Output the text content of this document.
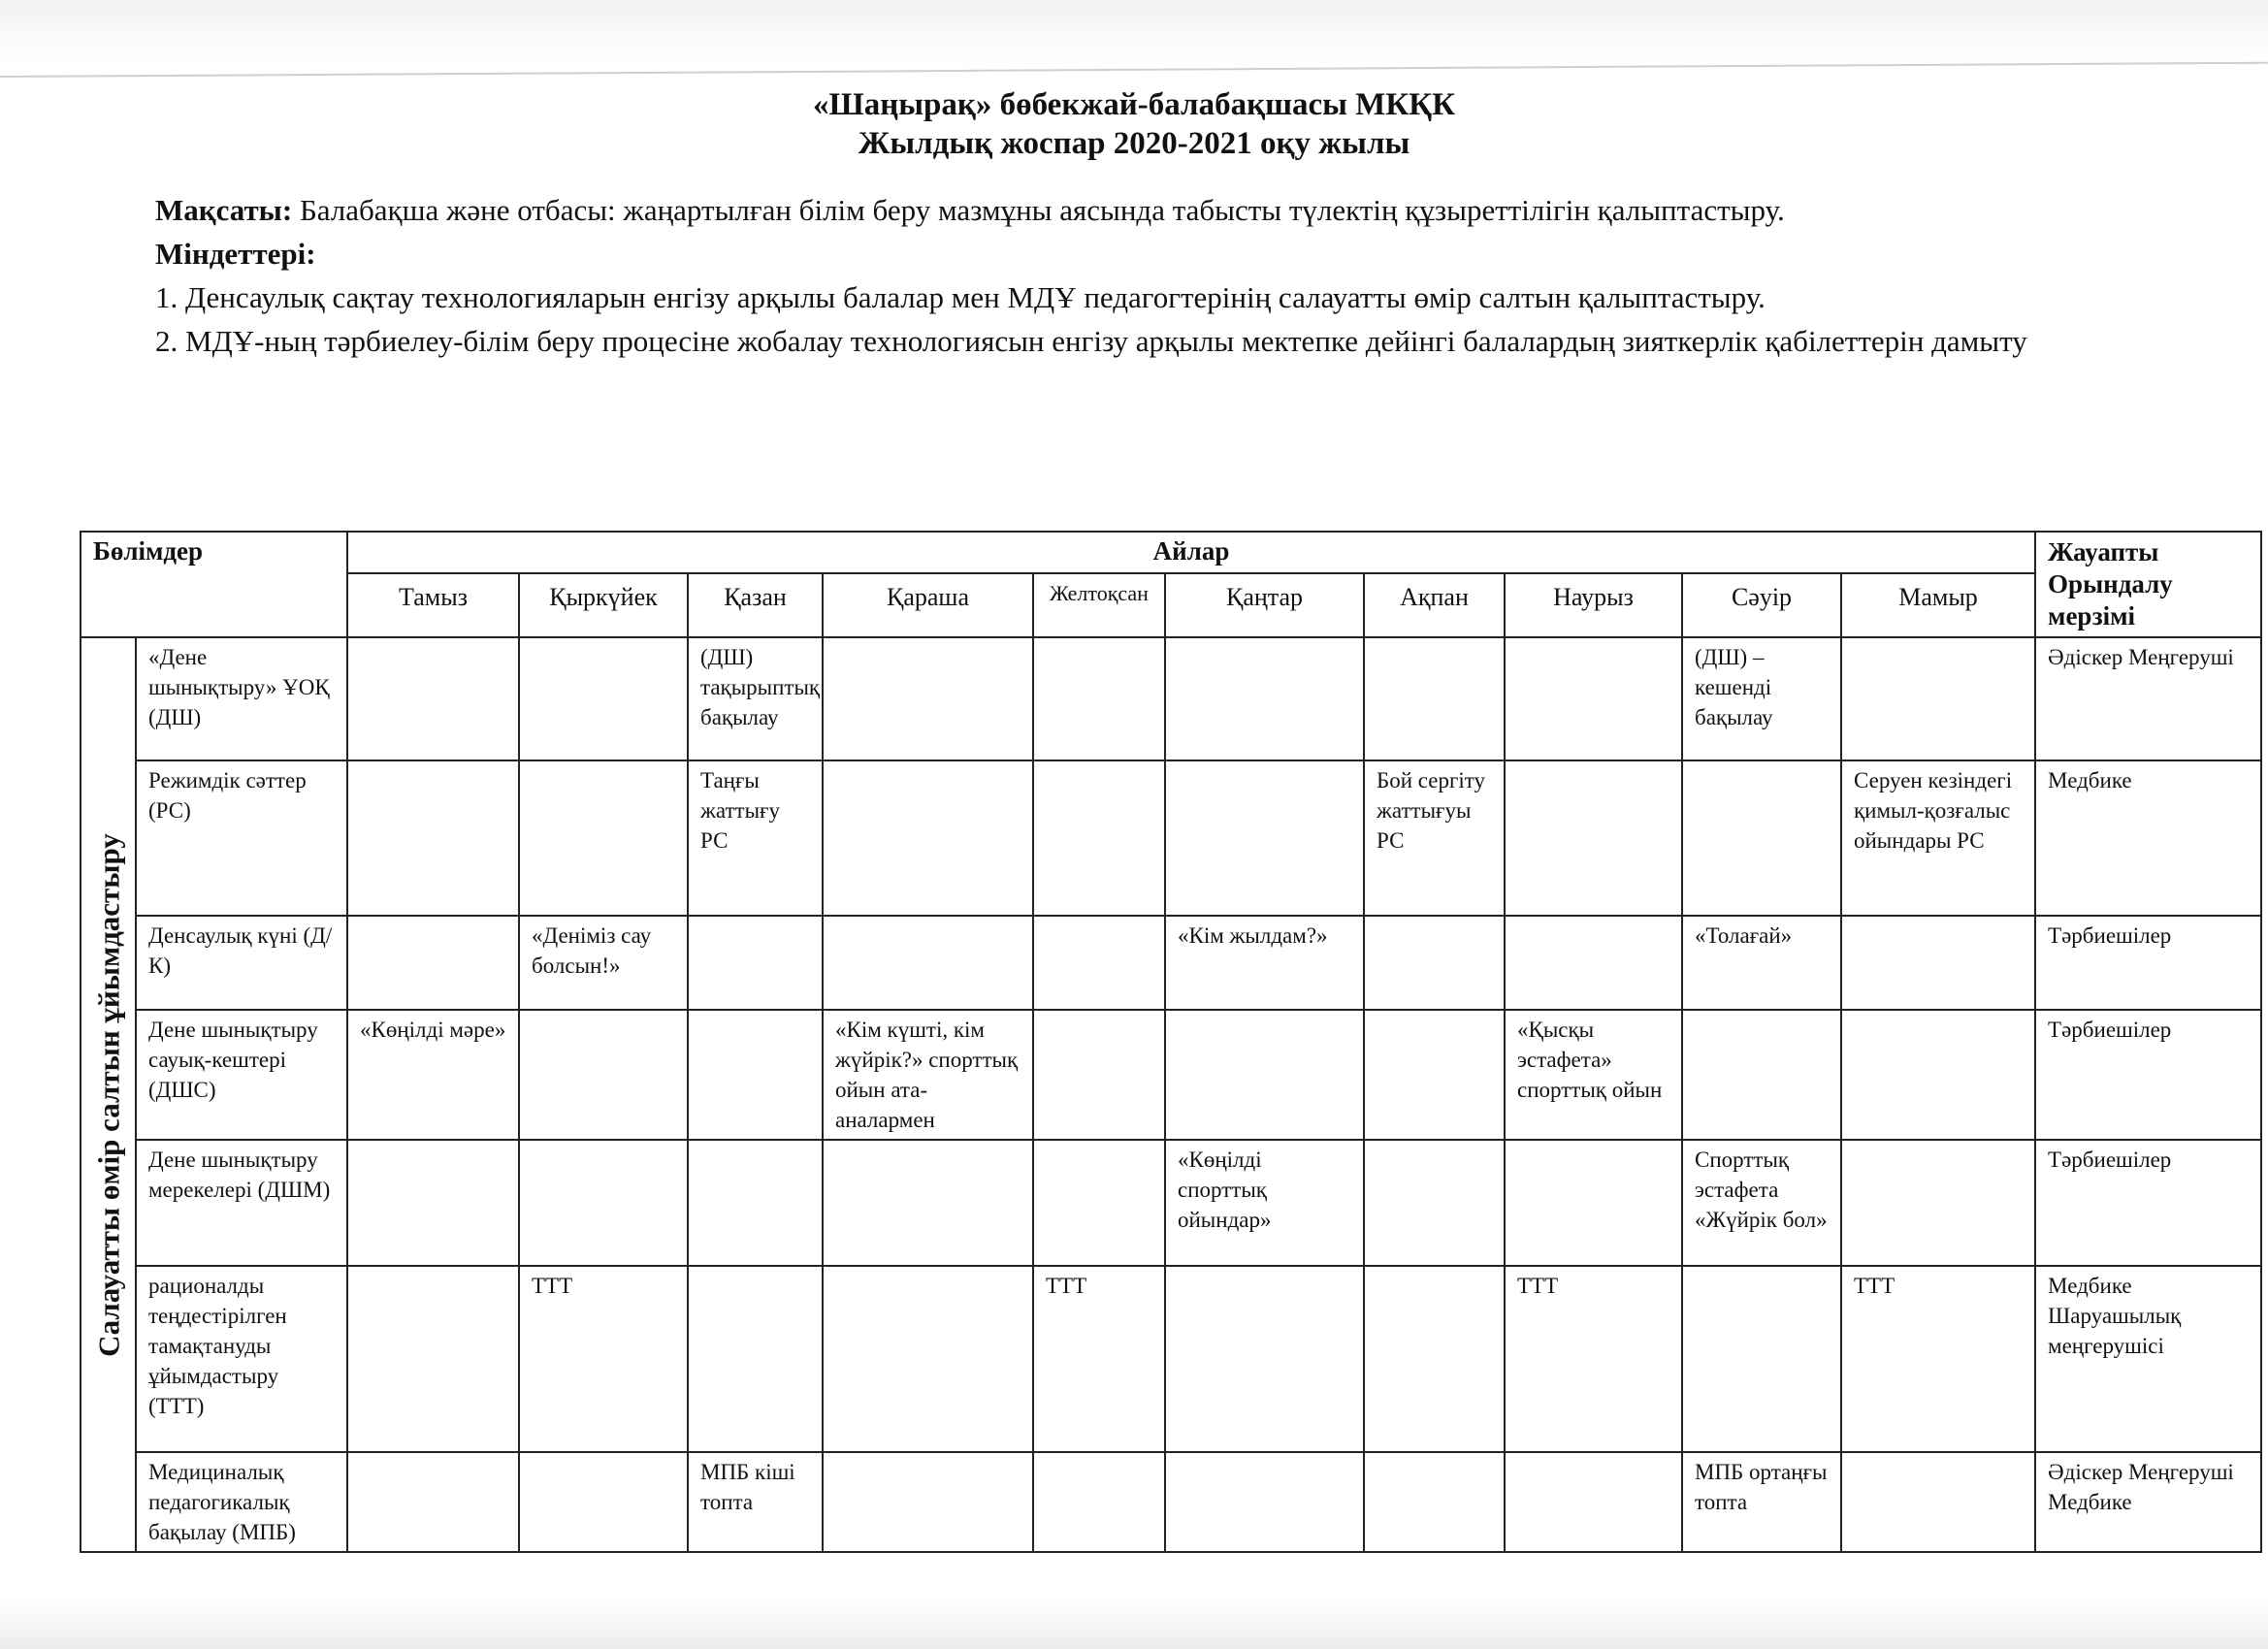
«Шаңырақ» бөбекжай-балабақшасы МКҚК
Жылдық жоспар 2020-2021 оқу жылы

Мақсаты: Балабақша және отбасы: жаңартылған білім беру мазмұны аясында табысты түлектің құзыреттілігін қалыптастыру.

Міндеттері:

1. Денсаулық сақтау технологияларын енгізу арқылы балалар мен МДҰ педагогтерінің салауатты өмір салтын қалыптастыру.

2. МДҰ-ның тәрбиелеу-білім беру процесіне жобалау технологиясын енгізу арқылы мектепке дейінгі балалардың зияткерлік қабілеттерін дамыту

Бөлімдер		Айлар										Жауапты Орындалу мерзімі
		Тамыз	Қыркүйек	Қазан	Қараша	Желтоқсан	Қаңтар	Ақпан	Наурыз	Сәуір	Мамыр	

Салауатты өмір салтын ұйымдастыру	«Дене шынықтыру» ҰОҚ (ДШ)			(ДШ) тақырыптық бақылау						(ДШ) – кешенді бақылау		Әдіскер Меңгеруші
	Режимдік сәттер (РС)			Таңғы жаттығу РС				Бой сергіту жаттығуы РС			Серуен кезіндегі қимыл-қозғалыс ойындары РС	Медбике
	Денсаулық күні (Д/К)		«Деніміз сау болсын!»				«Кім жылдам?»			«Толағай»		Тәрбиешілер
	Дене шынықтыру сауық-кештері (ДШС)	«Көңілді мәре»			«Кім күшті, кім жүйрік?» спорттық ойын ата-аналармен				«Қысқы эстафета» спорттық ойын			Тәрбиешілер
	Дене шынықтыру мерекелері (ДШМ)						«Көңілді спорттық ойындар»			Спорттық эстафета «Жүйрік бол»		Тәрбиешілер
	рационалды теңдестірілген тамақтануды ұйымдастыру (ТТТ)		ТТТ			ТТТ			ТТТ		ТТТ	Медбике Шаруашылық меңгерушісі
	Медициналық педагогикалық бақылау (МПБ)			МПБ кіші топта						МПБ ортаңғы топта		Әдіскер Меңгеруші Медбике
